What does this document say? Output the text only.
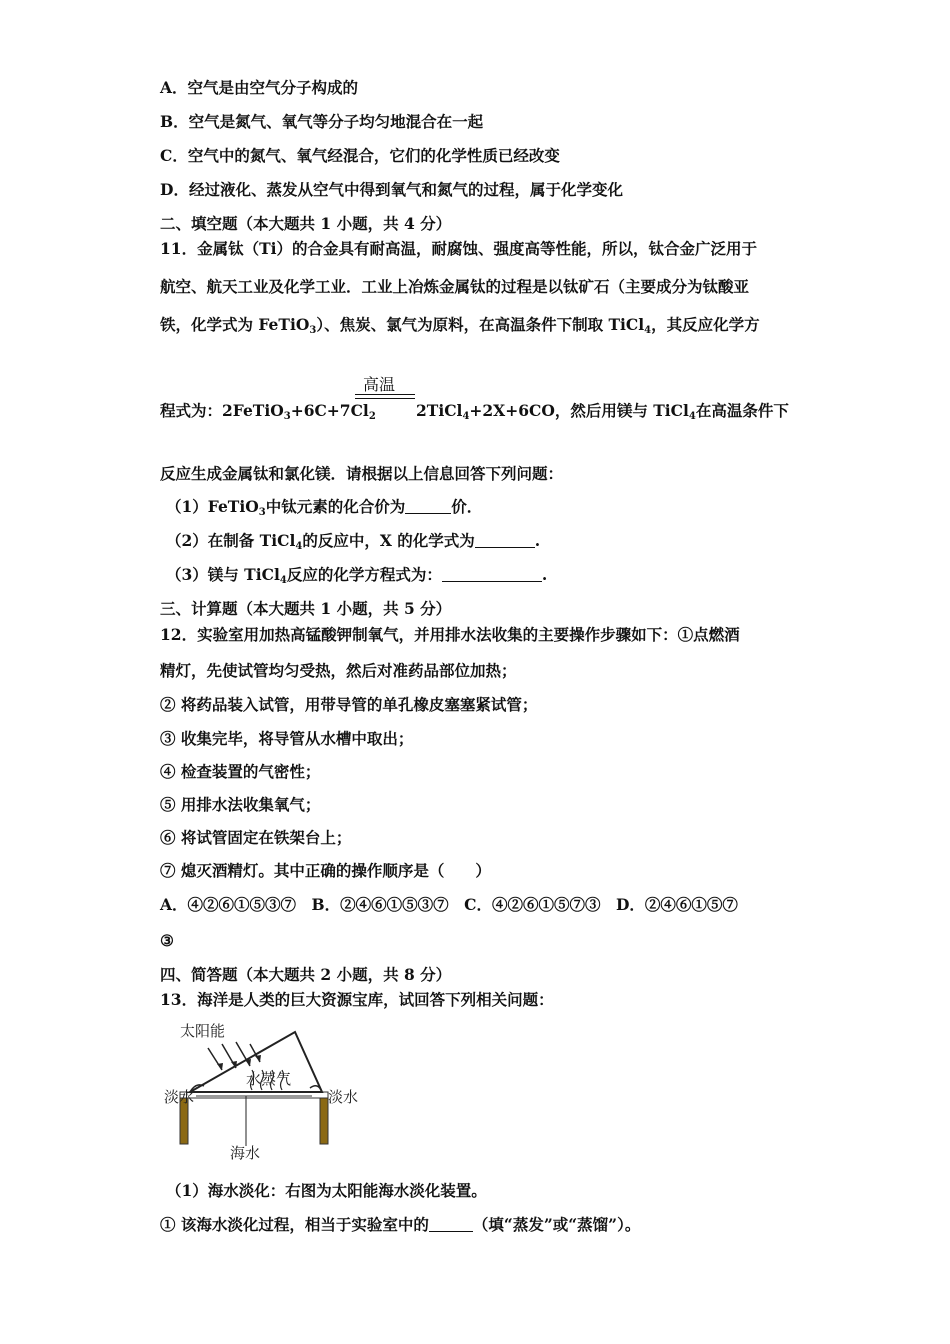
A．空气是由空气分子构成的
B．空气是氮气、氧气等分子均匀地混合在一起
C．空气中的氮气、氧气经混合，它们的化学性质已经改变
D．经过液化、蒸发从空气中得到氧气和氮气的过程，属于化学变化
二、填空题（本大题共 1 小题，共 4 分）
11．金属钛（Ti）的合金具有耐高温，耐腐蚀、强度高等性能，所以，钛合金广泛用于
航空、航天工业及化学工业．工业上冶炼金属钛的过程是以钛矿石（主要成分为钛酸亚
铁，化学式为 FeTiO$_3$）、焦炭、氯气为原料，在高温条件下制取 TiCl$_4$，其反应化学方
高温
程式为：$2FeTiO_3+6C+7Cl_2$	2TiCl$_4$+2X+6CO，然后用镁与 TiCl$_4$在高温条件下
反应生成金属钛和氯化镁．请根据以上信息回答下列问题：
（1）FeTiO$_3$中钛元素的化合价为	价．
（2）在制备 TiCl$_4$的反应中，X 的化学式为	.
（3）镁与 TiCl$_4$反应的化学方程式为：	.
三、计算题（本大题共 1 小题，共 5 分）
12．实验室用加热高锰酸钾制氧气，并用排水法收集的主要操作步骤如下：①点燃酒
精灯，先使试管均匀受热，然后对准药品部位加热；
② 将药品装入试管，用带导管的单孔橡皮塞塞紧试管；
③ 收集完毕，将导管从水槽中取出；
④ 检查装置的气密性；
⑤ 用排水法收集氧气；
⑥ 将试管固定在铁架台上；
⑦ 熄灭酒精灯。其中正确的操作顺序是（　　）
A．④②⑥①⑤③⑦　B．②④⑥①⑤③⑦　C．④②⑥①⑤⑦③　D．②④⑥①⑤⑦
③
四、简答题（本大题共 2 小题，共 8 分）
13．海洋是人类的巨大资源宝库，试回答下列相关问题：
太阳能
淡水	淡水
水蒸气
海水
（1）海水淡化：右图为太阳能海水淡化装置。
① 该海水淡化过程，相当于实验室中的	（填“蒸发”或“蒸馏”）。
